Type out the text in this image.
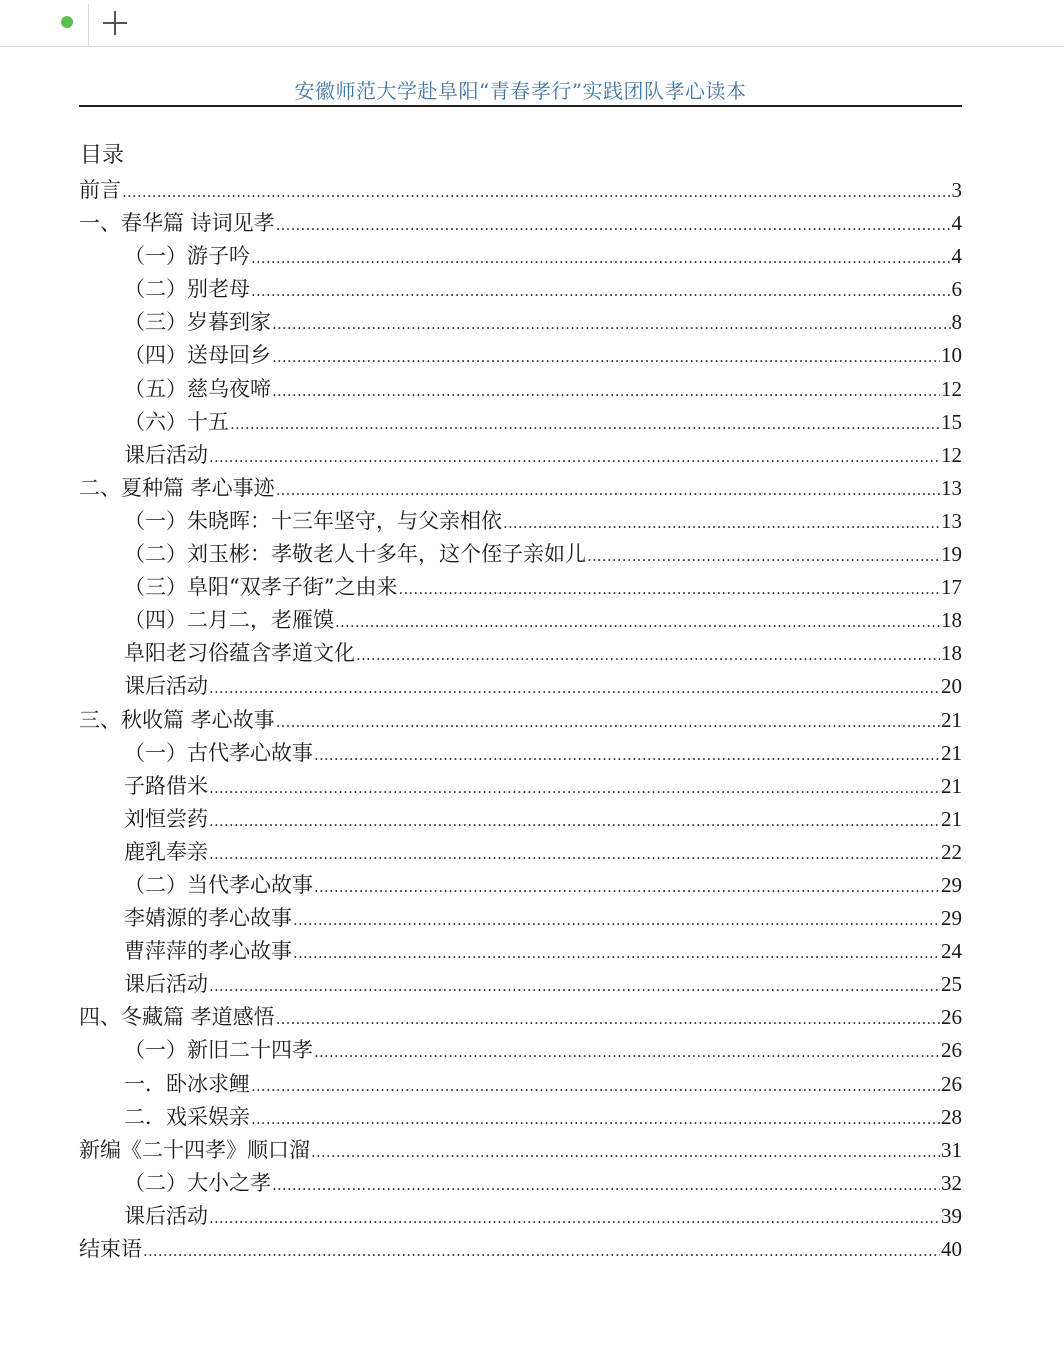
安徽师范大学赴阜阳“青春孝行”实践团队孝心读本
目录
前言 .....	3
一、春华篇 诗词见孝 .....	4
（一）游子吟 .....	4
（二）别老母 .....	6
（三）岁暮到家 .....	8
（四）送母回乡 .....	10
（五）慈乌夜啼 .....	12
（六）十五 .....	15
课后活动 .....	12
二、夏种篇 孝心事迹 .....	13
（一）朱晓晖：十三年坚守，与父亲相依 .....	13
（二）刘玉彬：孝敬老人十多年，这个侄子亲如儿 .....	19
（三）阜阳“双孝子街”之由来 .....	17
（四）二月二，老雁馍 .....	18
阜阳老习俗蕴含孝道文化 .....	18
课后活动 .....	20
三、秋收篇 孝心故事 .....	21
（一）古代孝心故事 .....	21
子路借米 .....	21
刘恒尝药 .....	21
鹿乳奉亲 .....	22
（二）当代孝心故事 .....	29
李婧源的孝心故事 .....	29
曹萍萍的孝心故事 .....	24
课后活动 .....	25
四、冬藏篇 孝道感悟 .....	26
（一）新旧二十四孝 .....	26
一．卧冰求鲤 .....	26
二．戏采娱亲 .....	28
新编《二十四孝》顺口溜 .....	31
（二）大小之孝 .....	32
课后活动 .....	39
结束语 .....	40
